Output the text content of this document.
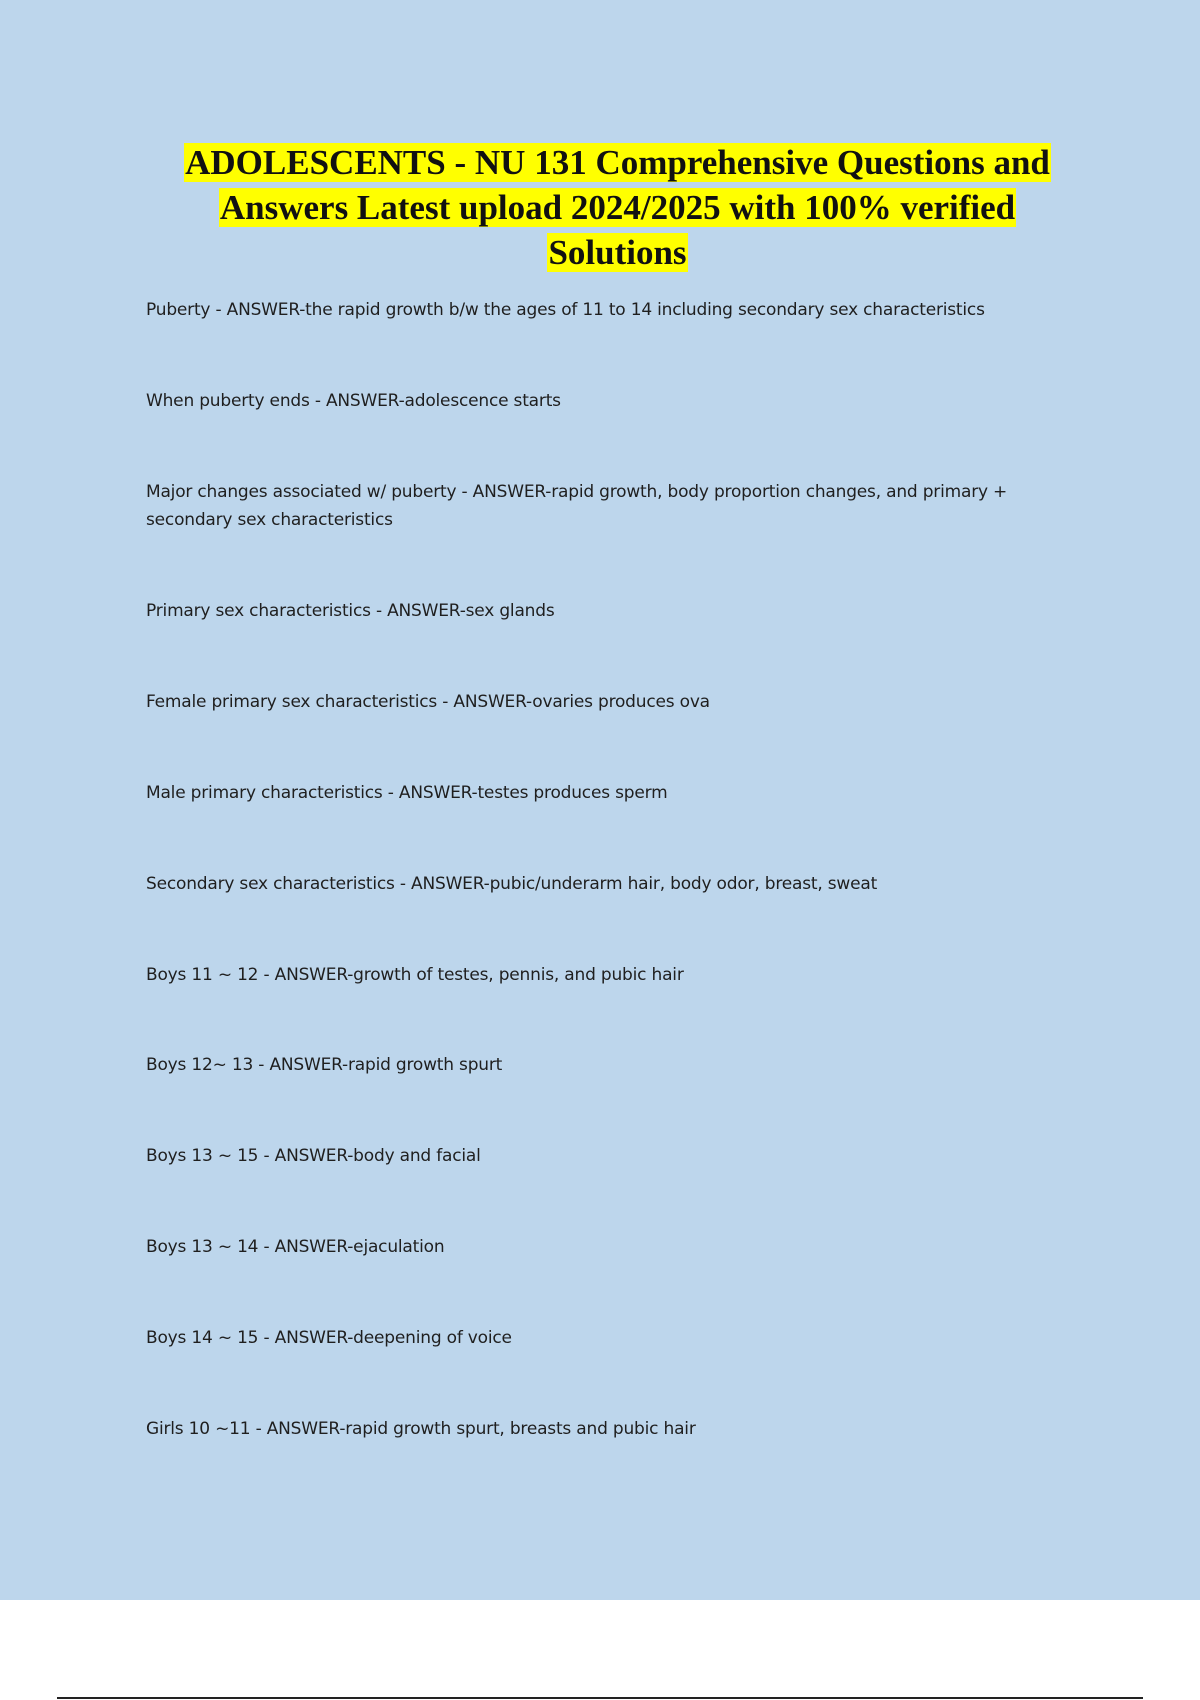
ADOLESCENTS - NU 131 Comprehensive Questions and Answers Latest upload 2024/2025 with 100% verified Solutions
Puberty - ANSWER-the rapid growth b/w the ages of 11 to 14 including secondary sex characteristics
When puberty ends - ANSWER-adolescence starts
Major changes associated w/ puberty - ANSWER-rapid growth, body proportion changes, and primary + secondary sex characteristics
Primary sex characteristics - ANSWER-sex glands
Female primary sex characteristics - ANSWER-ovaries produces ova
Male primary characteristics - ANSWER-testes produces sperm
Secondary sex characteristics - ANSWER-pubic/underarm hair, body odor, breast, sweat
Boys 11 ~ 12 - ANSWER-growth of testes, pennis, and pubic hair
Boys 12~ 13 - ANSWER-rapid growth spurt
Boys 13 ~ 15 - ANSWER-body and facial
Boys 13 ~ 14 - ANSWER-ejaculation
Boys 14 ~ 15 - ANSWER-deepening of voice
Girls 10 ~11 - ANSWER-rapid growth spurt, breasts and pubic hair
